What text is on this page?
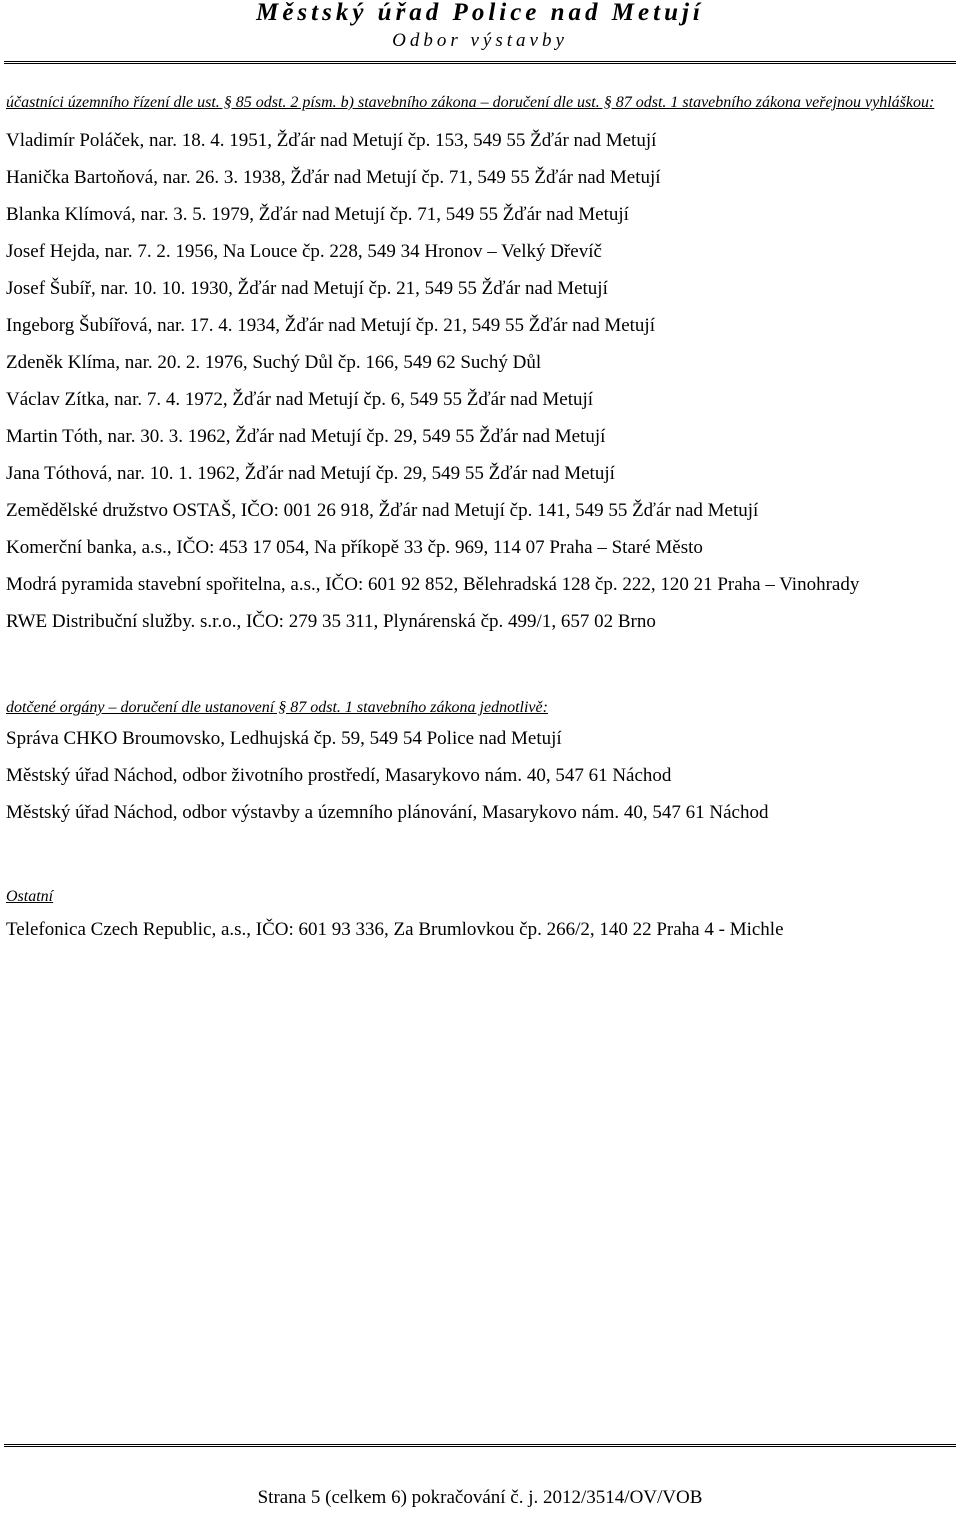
Městský úřad Police nad Metují
Odbor výstavby

účastníci územního řízení dle ust. § 85 odst. 2 písm. b) stavebního zákona – doručení dle ust. § 87 odst. 1 stavebního zákona veřejnou vyhláškou:

Vladimír Poláček, nar. 18. 4. 1951, Žďár nad Metují čp. 153, 549 55 Žďár nad Metují
Hanička Bartoňová, nar. 26. 3. 1938, Žďár nad Metují čp. 71, 549 55 Žďár nad Metují
Blanka Klímová, nar. 3. 5. 1979, Žďár nad Metují čp. 71, 549 55 Žďár nad Metují
Josef Hejda, nar. 7. 2. 1956, Na Louce čp. 228, 549 34 Hronov – Velký Dřevíč
Josef Šubíř, nar. 10. 10. 1930, Žďár nad Metují čp. 21, 549 55 Žďár nad Metují
Ingeborg Šubířová, nar. 17. 4. 1934, Žďár nad Metují čp. 21, 549 55 Žďár nad Metují
Zdeněk Klíma, nar. 20. 2. 1976, Suchý Důl čp. 166, 549 62 Suchý Důl
Václav Zítka, nar. 7. 4. 1972, Žďár nad Metují čp. 6, 549 55 Žďár nad Metují
Martin Tóth, nar. 30. 3. 1962, Žďár nad Metují čp. 29, 549 55 Žďár nad Metují
Jana Tóthová, nar. 10. 1. 1962, Žďár nad Metují čp. 29, 549 55 Žďár nad Metují
Zemědělské družstvo OSTAŠ, IČO: 001 26 918, Žďár nad Metují čp. 141, 549 55 Žďár nad Metují
Komerční banka, a.s., IČO: 453 17 054, Na příkopě 33 čp. 969, 114 07 Praha – Staré Město
Modrá pyramida stavební spořitelna, a.s., IČO: 601 92 852, Bělehradská 128 čp. 222, 120 21 Praha – Vinohrady
RWE Distribuční služby. s.r.o., IČO: 279 35 311, Plynárenská čp. 499/1, 657 02 Brno

dotčené orgány – doručení dle ustanovení § 87 odst. 1 stavebního zákona jednotlivě:

Správa CHKO Broumovsko, Ledhujská čp. 59, 549 54 Police nad Metují
Městský úřad Náchod, odbor životního prostředí, Masarykovo nám. 40, 547 61 Náchod
Městský úřad Náchod, odbor výstavby a územního plánování, Masarykovo nám. 40, 547 61 Náchod

Ostatní

Telefonica Czech Republic, a.s., IČO: 601 93 336, Za Brumlovkou čp. 266/2, 140 22 Praha 4 - Michle
Strana 5 (celkem 6) pokračování č. j. 2012/3514/OV/VOB
